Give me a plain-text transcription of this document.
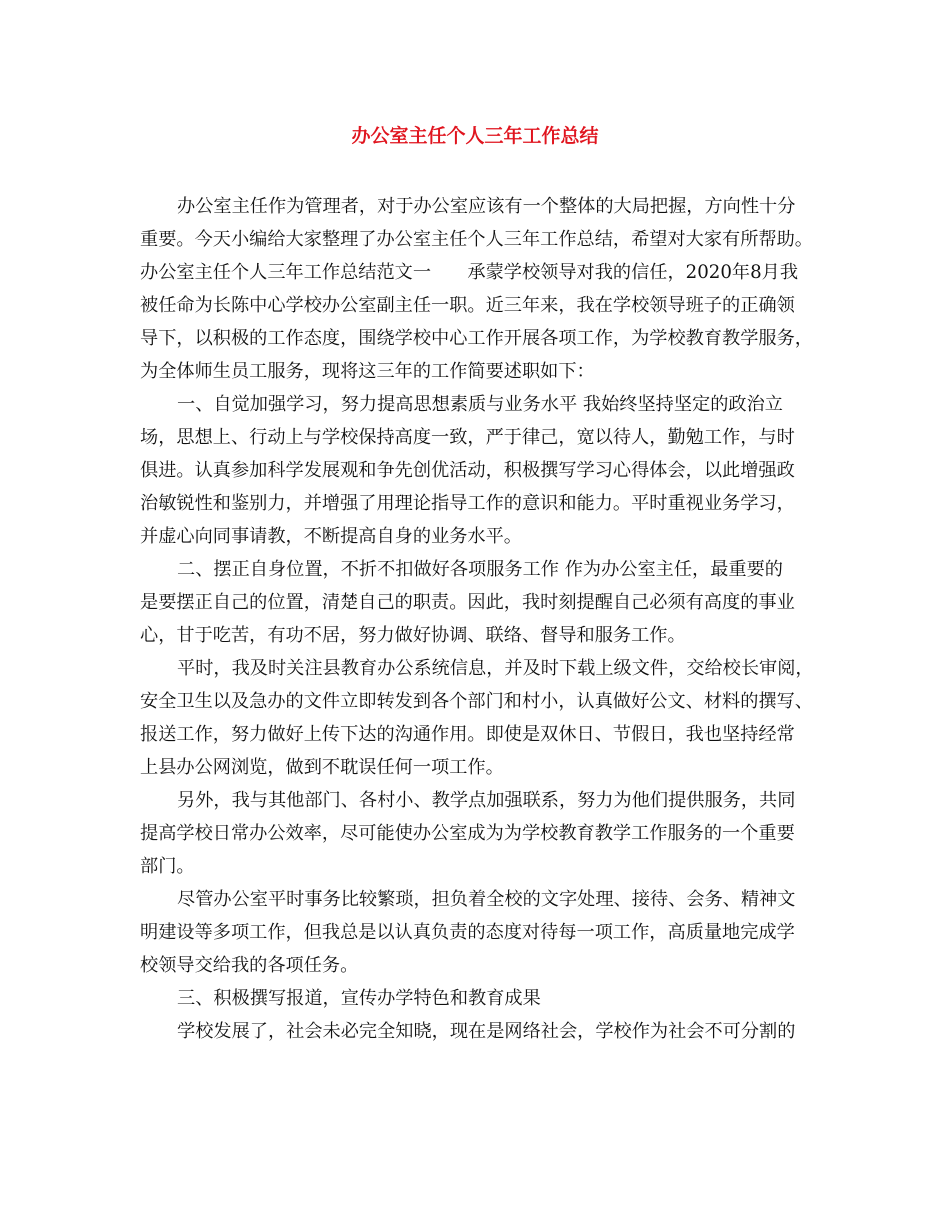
办公室主任个人三年工作总结
办公室主任作为管理者，对于办公室应该有一个整体的大局把握，方向性十分
重要。今天小编给大家整理了办公室主任个人三年工作总结，希望对大家有所帮助。
办公室主任个人三年工作总结范文一　　承蒙学校领导对我的信任，2020年8月我
被任命为长陈中心学校办公室副主任一职。近三年来，我在学校领导班子的正确领
导下，以积极的工作态度，围绕学校中心工作开展各项工作，为学校教育教学服务，
为全体师生员工服务，现将这三年的工作简要述职如下：
一、自觉加强学习，努力提高思想素质与业务水平 我始终坚持坚定的政治立
场，思想上、行动上与学校保持高度一致，严于律己，宽以待人，勤勉工作，与时
俱进。认真参加科学发展观和争先创优活动，积极撰写学习心得体会，以此增强政
治敏锐性和鉴别力，并增强了用理论指导工作的意识和能力。平时重视业务学习，
并虚心向同事请教，不断提高自身的业务水平。
二、摆正自身位置，不折不扣做好各项服务工作 作为办公室主任，最重要的
是要摆正自己的位置，清楚自己的职责。因此，我时刻提醒自己必须有高度的事业
心，甘于吃苦，有功不居，努力做好协调、联络、督导和服务工作。
平时，我及时关注县教育办公系统信息，并及时下载上级文件，交给校长审阅，
安全卫生以及急办的文件立即转发到各个部门和村小，认真做好公文、材料的撰写、
报送工作，努力做好上传下达的沟通作用。即使是双休日、节假日，我也坚持经常
上县办公网浏览，做到不耽误任何一项工作。
另外，我与其他部门、各村小、教学点加强联系，努力为他们提供服务，共同
提高学校日常办公效率，尽可能使办公室成为为学校教育教学工作服务的一个重要
部门。
尽管办公室平时事务比较繁琐，担负着全校的文字处理、接待、会务、精神文
明建设等多项工作，但我总是以认真负责的态度对待每一项工作，高质量地完成学
校领导交给我的各项任务。
三、积极撰写报道，宣传办学特色和教育成果
学校发展了，社会未必完全知晓，现在是网络社会，学校作为社会不可分割的
